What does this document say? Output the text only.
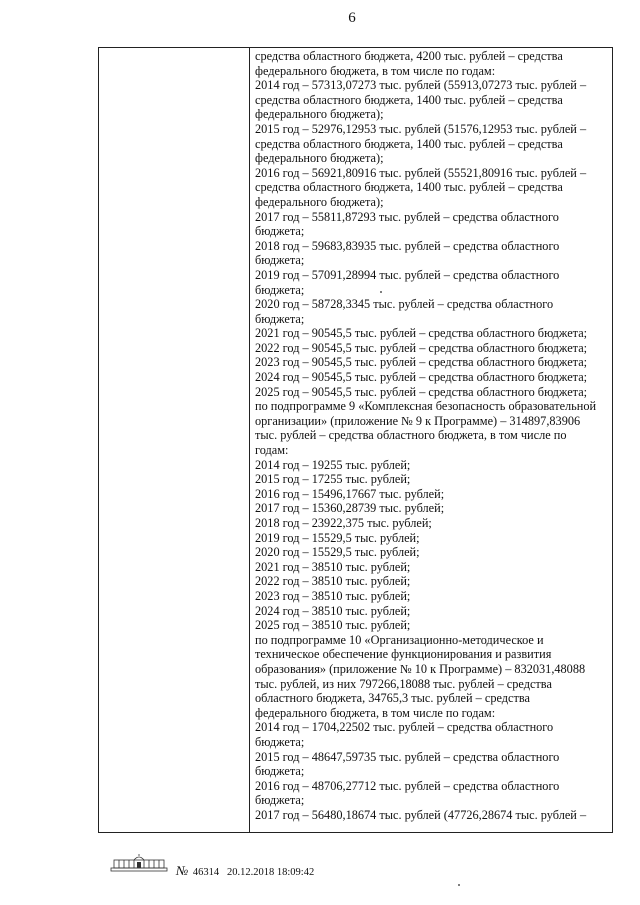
6
средства областного бюджета, 4200 тыс. рублей – средства
федерального бюджета, в том числе по годам:
2014 год – 57313,07273 тыс. рублей (55913,07273 тыс. рублей –
средства областного бюджета, 1400 тыс. рублей – средства
федерального бюджета);
2015 год – 52976,12953 тыс. рублей (51576,12953 тыс. рублей –
средства областного бюджета, 1400 тыс. рублей – средства
федерального бюджета);
2016 год – 56921,80916 тыс. рублей (55521,80916 тыс. рублей –
средства областного бюджета, 1400 тыс. рублей – средства
федерального бюджета);
2017 год – 55811,87293 тыс. рублей – средства областного
бюджета;
2018 год – 59683,83935 тыс. рублей – средства областного
бюджета;
2019 год – 57091,28994 тыс. рублей – средства областного
бюджета;
2020 год – 58728,3345 тыс. рублей – средства областного
бюджета;
2021 год – 90545,5 тыс. рублей – средства областного бюджета;
2022 год – 90545,5 тыс. рублей – средства областного бюджета;
2023 год – 90545,5 тыс. рублей – средства областного бюджета;
2024 год – 90545,5 тыс. рублей – средства областного бюджета;
2025 год – 90545,5 тыс. рублей – средства областного бюджета;
по подпрограмме 9 «Комплексная безопасность образовательной
организации» (приложение № 9 к Программе) – 314897,83906
тыс. рублей – средства областного бюджета, в том числе по
годам:
2014 год – 19255 тыс. рублей;
2015 год – 17255 тыс. рублей;
2016 год – 15496,17667 тыс. рублей;
2017 год – 15360,28739 тыс. рублей;
2018 год – 23922,375 тыс. рублей;
2019 год – 15529,5 тыс. рублей;
2020 год – 15529,5 тыс. рублей;
2021 год – 38510 тыс. рублей;
2022 год – 38510 тыс. рублей;
2023 год – 38510 тыс. рублей;
2024 год – 38510 тыс. рублей;
2025 год – 38510 тыс. рублей;
по подпрограмме 10 «Организационно-методическое и
техническое обеспечение функционирования и развития
образования» (приложение № 10 к Программе) – 832031,48088
тыс. рублей, из них 797266,18088 тыс. рублей – средства
областного бюджета, 34765,3 тыс. рублей – средства
федерального бюджета, в том числе по годам:
2014 год – 1704,22502 тыс. рублей – средства областного
бюджета;
2015 год – 48647,59735 тыс. рублей – средства областного
бюджета;
2016 год – 48706,27712 тыс. рублей – средства областного
бюджета;
2017 год – 56480,18674 тыс. рублей (47726,28674 тыс. рублей –
№ 46314 20.12.2018 18:09:42
